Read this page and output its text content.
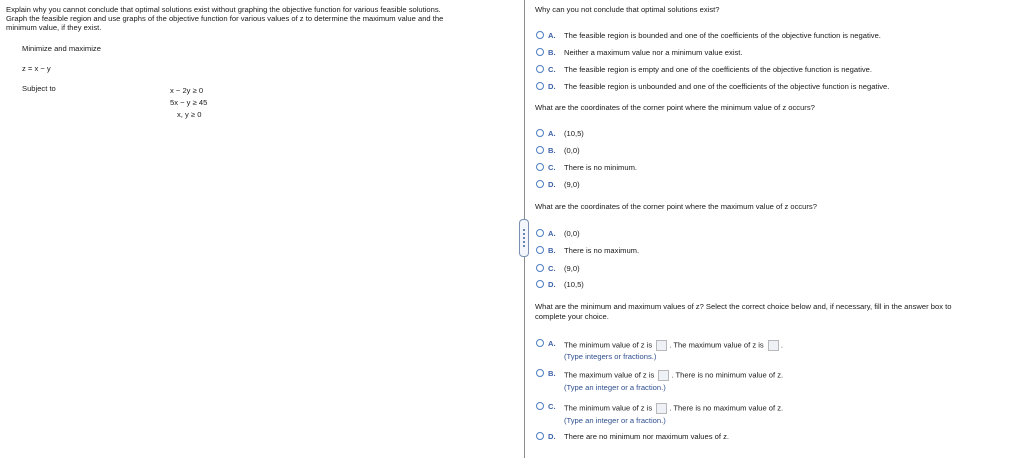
Explain why you cannot conclude that optimal solutions exist without graphing the objective function for various feasible solutions.
Graph the feasible region and use graphs of the objective function for various values of z to determine the maximum value and the
minimum value, if they exist.
Minimize and maximize
z = x − y
Subject to	x − 2y ≥ 0
5x − y ≥ 45
x, y ≥ 0
Why can you not conclude that optimal solutions exist?
A. The feasible region is bounded and one of the coefficients of the objective function is negative.
B. Neither a maximum value nor a minimum value exist.
C. The feasible region is empty and one of the coefficients of the objective function is negative.
D. The feasible region is unbounded and one of the coefficients of the objective function is negative.
What are the coordinates of the corner point where the minimum value of z occurs?
A. (10,5)
B. (0,0)
C. There is no minimum.
D. (9,0)
What are the coordinates of the corner point where the maximum value of z occurs?
A. (0,0)
B. There is no maximum.
C. (9,0)
D. (10,5)
What are the minimum and maximum values of z? Select the correct choice below and, if necessary, fill in the answer box to
complete your choice.
A. The minimum value of z is . The maximum value of z is .
(Type integers or fractions.)
B. The maximum value of z is . There is no minimum value of z.
(Type an integer or a fraction.)
C. The minimum value of z is . There is no maximum value of z.
(Type an integer or a fraction.)
D. There are no minimum nor maximum values of z.
